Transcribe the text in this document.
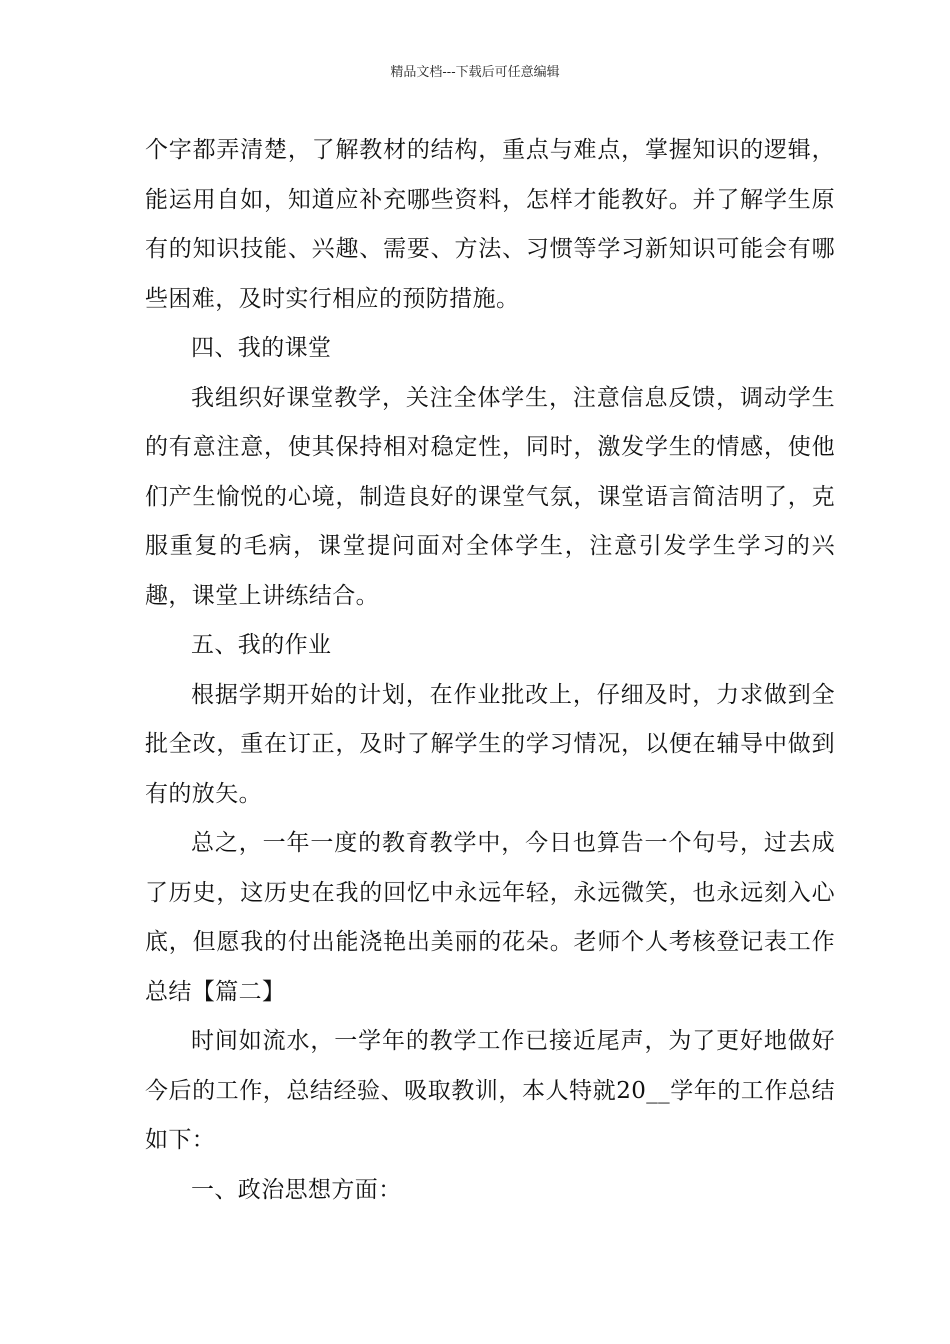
精品文档---下载后可任意编辑

个字都弄清楚，了解教材的结构，重点与难点，掌握知识的逻辑，能运用自如，知道应补充哪些资料，怎样才能教好。并了解学生原有的知识技能、兴趣、需要、方法、习惯等学习新知识可能会有哪些困难，及时实行相应的预防措施。

四、我的课堂

我组织好课堂教学，关注全体学生，注意信息反馈，调动学生的有意注意，使其保持相对稳定性，同时，激发学生的情感，使他们产生愉悦的心境，制造良好的课堂气氛，课堂语言简洁明了，克服重复的毛病，课堂提问面对全体学生，注意引发学生学习的兴趣，课堂上讲练结合。

五、我的作业

根据学期开始的计划，在作业批改上，仔细及时，力求做到全批全改，重在订正，及时了解学生的学习情况，以便在辅导中做到有的放矢。

总之，一年一度的教育教学中，今日也算告一个句号，过去成了历史，这历史在我的回忆中永远年轻，永远微笑，也永远刻入心底，但愿我的付出能浇艳出美丽的花朵。老师个人考核登记表工作总结【篇二】

时间如流水，一学年的教学工作已接近尾声，为了更好地做好今后的工作，总结经验、吸取教训，本人特就20__学年的工作总结如下：

一、政治思想方面：
